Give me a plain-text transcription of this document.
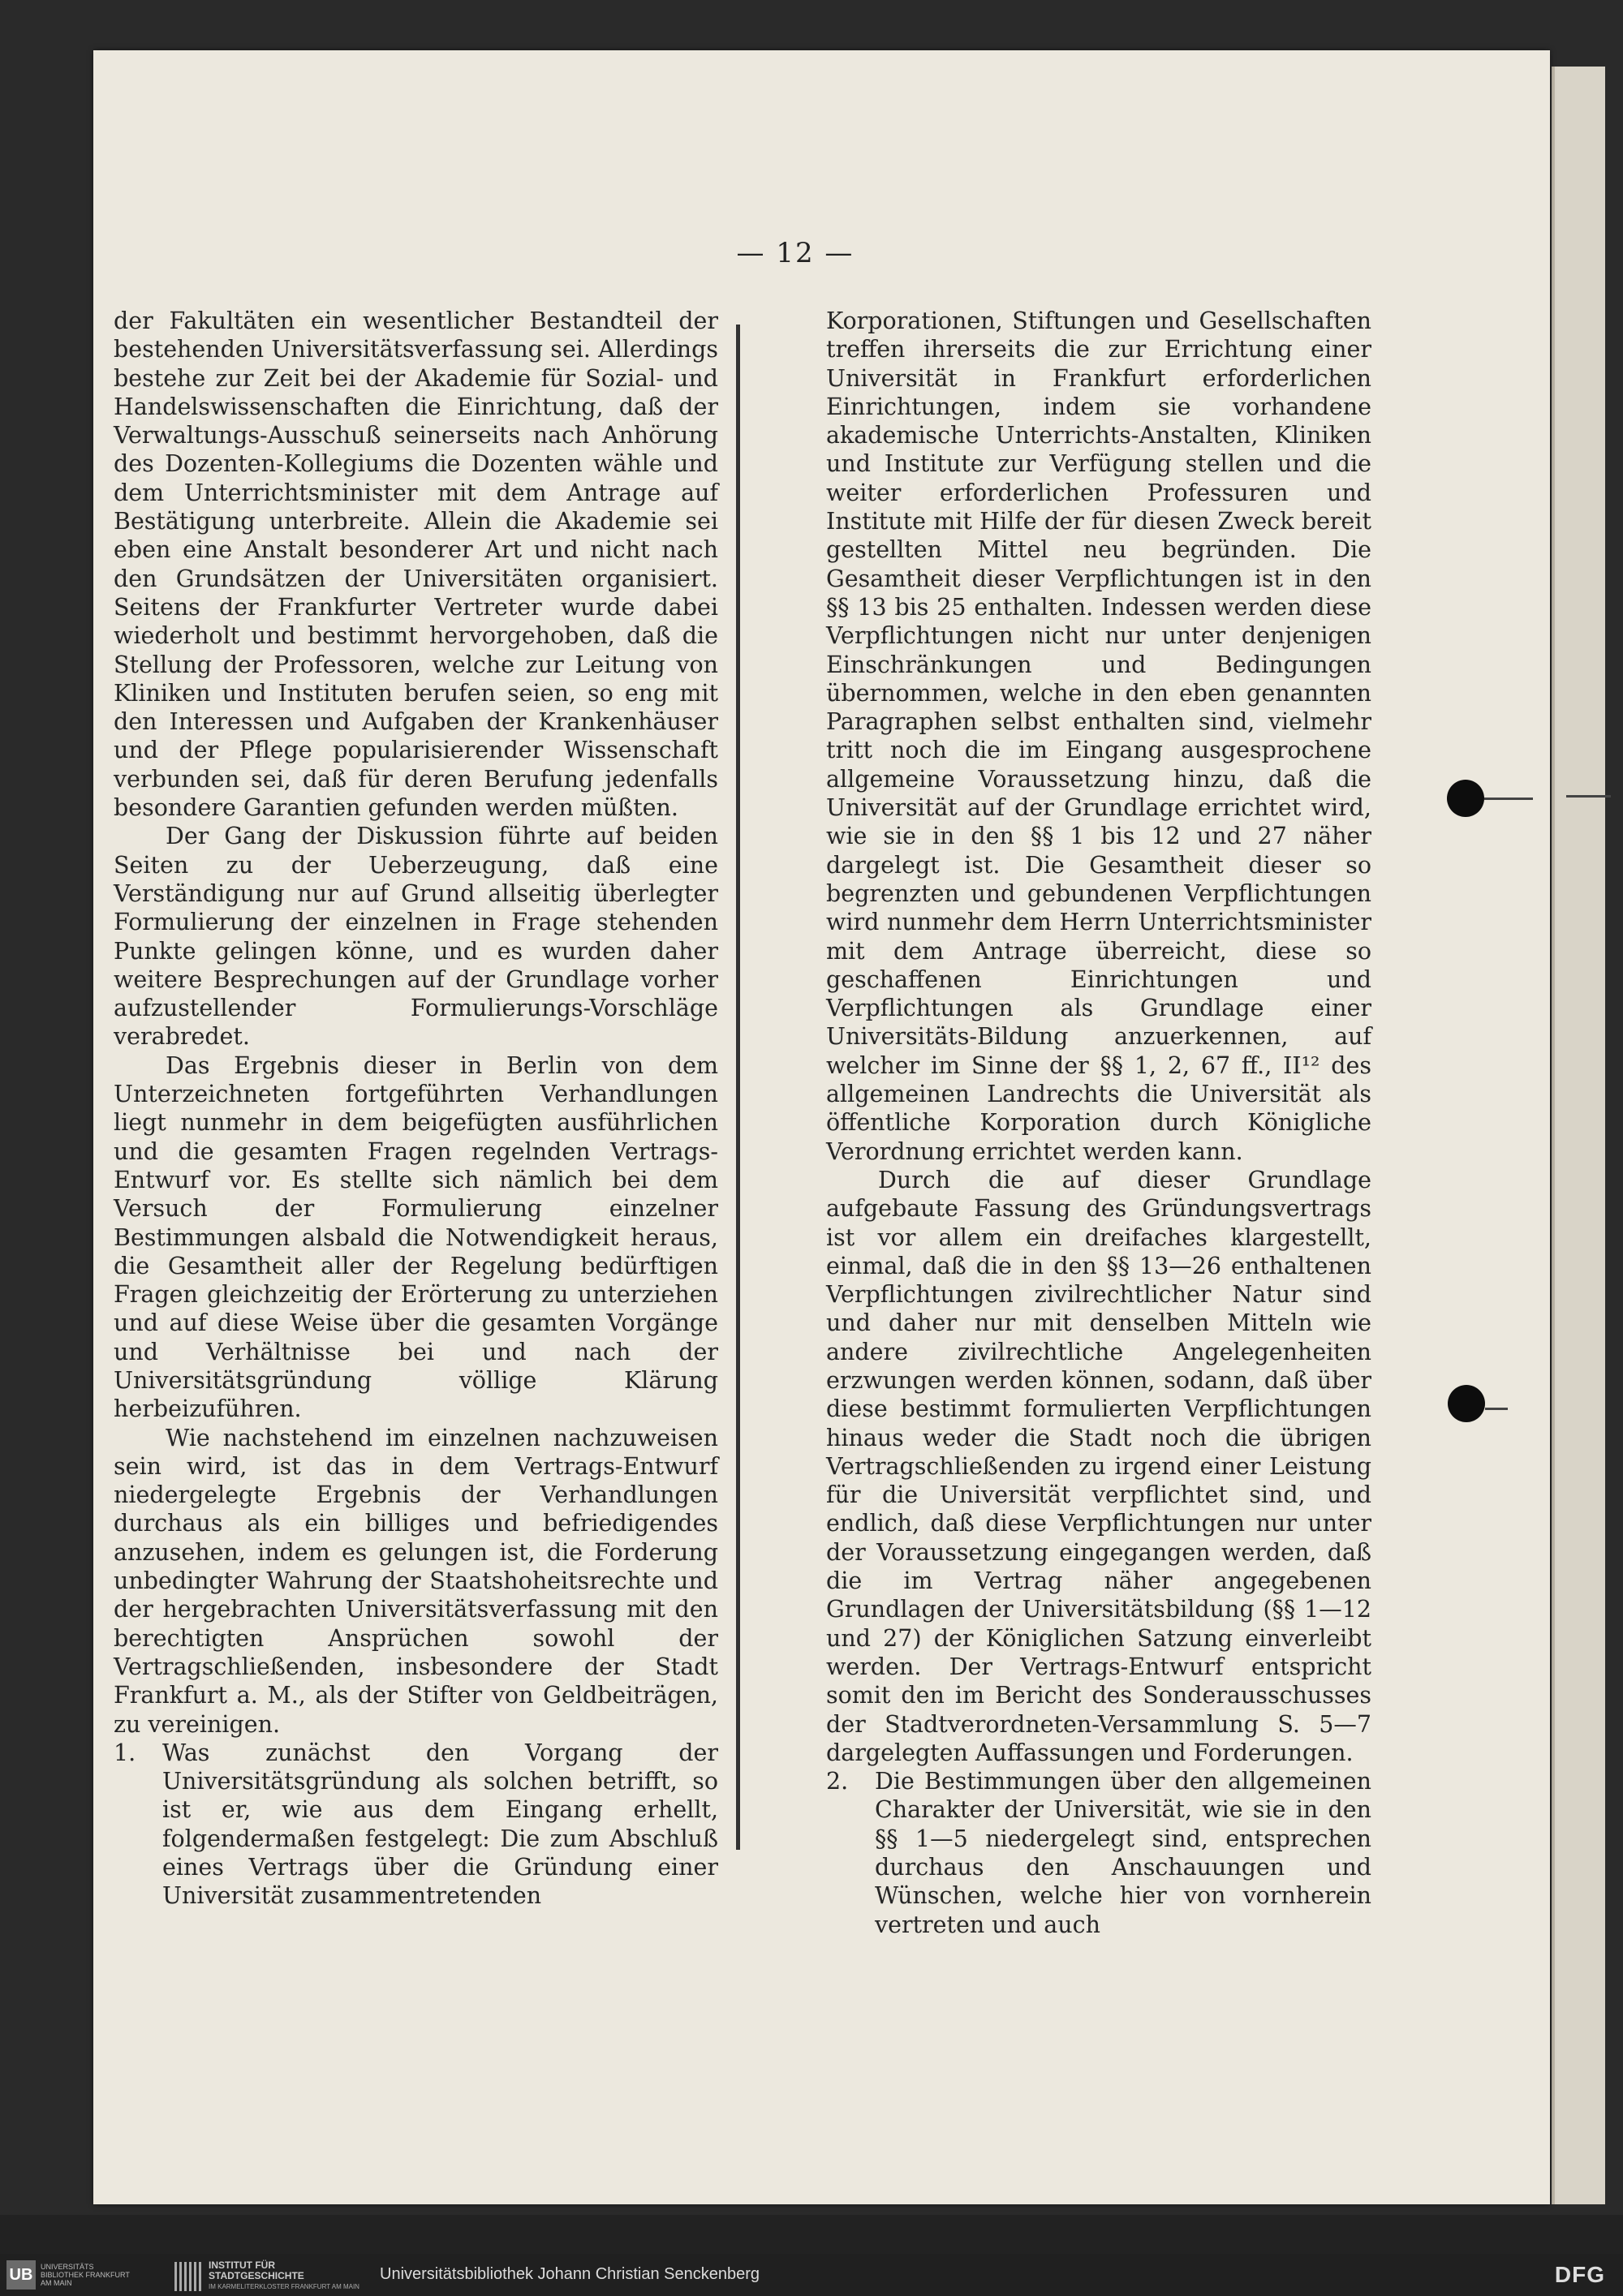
— 12 —

der Fakultäten ein wesentlicher Bestandteil der bestehenden Universitätsverfassung sei. Allerdings bestehe zur Zeit bei der Akademie für Sozial- und Handelswissenschaften die Einrichtung, daß der Verwaltungs-Ausschuß seinerseits nach Anhörung des Dozenten-Kollegiums die Dozenten wähle und dem Unterrichtsminister mit dem Antrage auf Bestätigung unterbreite. Allein die Akademie sei eben eine Anstalt besonderer Art und nicht nach den Grundsätzen der Universitäten organisiert. Seitens der Frankfurter Vertreter wurde dabei wiederholt und bestimmt hervorgehoben, daß die Stellung der Professoren, welche zur Leitung von Kliniken und Instituten berufen seien, so eng mit den Interessen und Aufgaben der Krankenhäuser und der Pflege popularisierender Wissenschaft verbunden sei, daß für deren Berufung jedenfalls besondere Garantien gefunden werden müßten.

Der Gang der Diskussion führte auf beiden Seiten zu der Ueberzeugung, daß eine Verständigung nur auf Grund allseitig überlegter Formulierung der einzelnen in Frage stehenden Punkte gelingen könne, und es wurden daher weitere Besprechungen auf der Grundlage vorher aufzustellender Formulierungs-Vorschläge verabredet.

Das Ergebnis dieser in Berlin von dem Unterzeichneten fortgeführten Verhandlungen liegt nunmehr in dem beigefügten ausführlichen und die gesamten Fragen regelnden Vertrags-Entwurf vor. Es stellte sich nämlich bei dem Versuch der Formulierung einzelner Bestimmungen alsbald die Notwendigkeit heraus, die Gesamtheit aller der Regelung bedürftigen Fragen gleichzeitig der Erörterung zu unterziehen und auf diese Weise über die gesamten Vorgänge und Verhältnisse bei und nach der Universitätsgründung völlige Klärung herbeizuführen.

Wie nachstehend im einzelnen nachzuweisen sein wird, ist das in dem Vertrags-Entwurf niedergelegte Ergebnis der Verhandlungen durchaus als ein billiges und befriedigendes anzusehen, indem es gelungen ist, die Forderung unbedingter Wahrung der Staatshoheitsrechte und der hergebrachten Universitätsverfassung mit den berechtigten Ansprüchen sowohl der Vertragschließenden, insbesondere der Stadt Frankfurt a. M., als der Stifter von Geldbeiträgen, zu vereinigen.

1.	Was zunächst den Vorgang der Universitätsgründung als solchen betrifft, so ist er, wie aus dem Eingang erhellt, folgendermaßen festgelegt: Die zum Abschluß eines Vertrags über die Gründung einer Universität zusammentretenden

Korporationen, Stiftungen und Gesellschaften treffen ihrerseits die zur Errichtung einer Universität in Frankfurt erforderlichen Einrichtungen, indem sie vorhandene akademische Unterrichts-Anstalten, Kliniken und Institute zur Verfügung stellen und die weiter erforderlichen Professuren und Institute mit Hilfe der für diesen Zweck bereit gestellten Mittel neu begründen. Die Gesamtheit dieser Verpflichtungen ist in den §§ 13 bis 25 enthalten. Indessen werden diese Verpflichtungen nicht nur unter denjenigen Einschränkungen und Bedingungen übernommen, welche in den eben genannten Paragraphen selbst enthalten sind, vielmehr tritt noch die im Eingang ausgesprochene allgemeine Voraussetzung hinzu, daß die Universität auf der Grundlage errichtet wird, wie sie in den §§ 1 bis 12 und 27 näher dargelegt ist. Die Gesamtheit dieser so begrenzten und gebundenen Verpflichtungen wird nunmehr dem Herrn Unterrichtsminister mit dem Antrage überreicht, diese so geschaffenen Einrichtungen und Verpflichtungen als Grundlage einer Universitäts-Bildung anzuerkennen, auf welcher im Sinne der §§ 1, 2, 67 ff., II¹² des allgemeinen Landrechts die Universität als öffentliche Korporation durch Königliche Verordnung errichtet werden kann.

Durch die auf dieser Grundlage aufgebaute Fassung des Gründungsvertrags ist vor allem ein dreifaches klargestellt, einmal, daß die in den §§ 13—26 enthaltenen Verpflichtungen zivilrechtlicher Natur sind und daher nur mit denselben Mitteln wie andere zivilrechtliche Angelegenheiten erzwungen werden können, sodann, daß über diese bestimmt formulierten Verpflichtungen hinaus weder die Stadt noch die übrigen Vertragschließenden zu irgend einer Leistung für die Universität verpflichtet sind, und endlich, daß diese Verpflichtungen nur unter der Voraussetzung eingegangen werden, daß die im Vertrag näher angegebenen Grundlagen der Universitätsbildung (§§ 1—12 und 27) der Königlichen Satzung einverleibt werden. Der Vertrags-Entwurf entspricht somit den im Bericht des Sonderausschusses der Stadtverordneten-Versammlung S. 5—7 dargelegten Auffassungen und Forderungen.

2.	Die Bestimmungen über den allgemeinen Charakter der Universität, wie sie in den §§ 1—5 niedergelegt sind, entsprechen durchaus den Anschauungen und Wünschen, welche hier von vornherein vertreten und auch
UB	UNIVERSITÄTS BIBLIOTHEK FRANKFURT AM MAIN
INSTITUT FÜR STADTGESCHICHTE
IM KARMELITERKLOSTER FRANKFURT AM MAIN
Universitätsbibliothek Johann Christian Senckenberg	DFG
